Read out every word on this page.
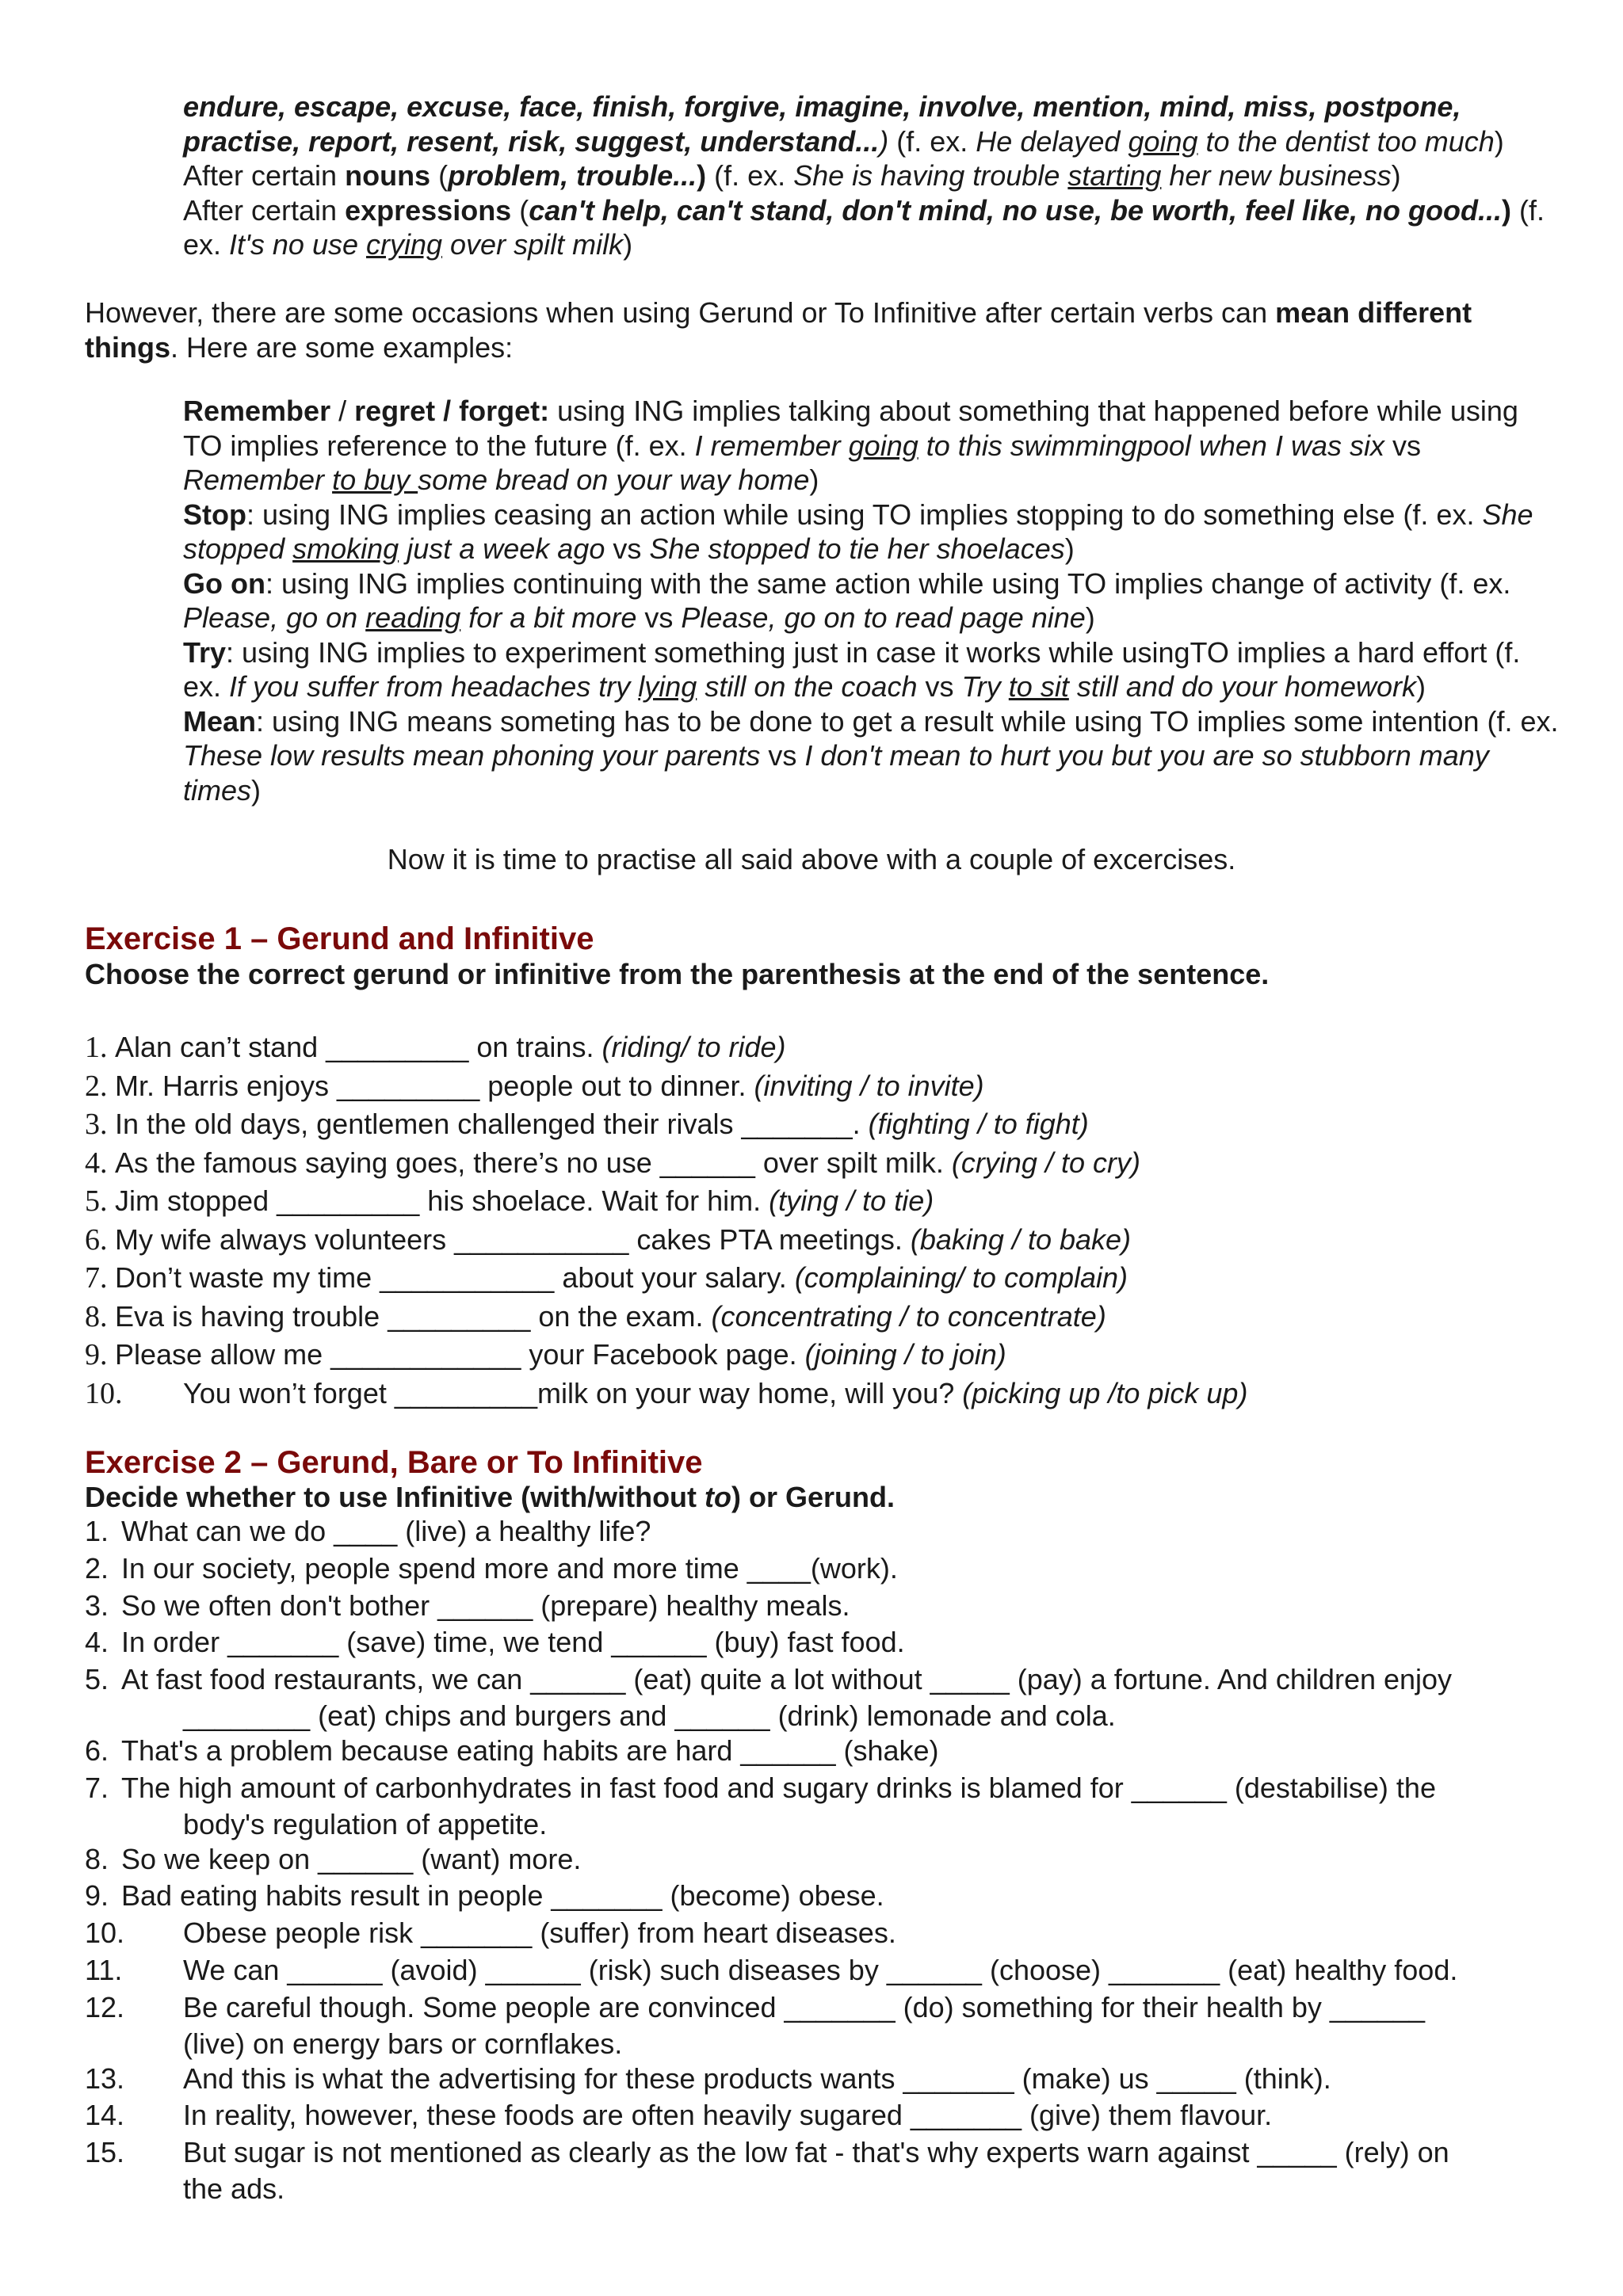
endure, escape, excuse, face, finish, forgive, imagine, involve, mention, mind, miss, postpone,
practise, report, resent, risk, suggest, understand...) (f. ex. He delayed going to the dentist too much)
After certain nouns (problem, trouble...) (f. ex. She is having trouble starting her new business)
After certain expressions (can't help, can't stand, don't mind, no use, be worth, feel like, no good...) (f. ex. It's no use crying over spilt milk)

However, there are some occasions when using Gerund or To Infinitive after certain verbs can mean different things. Here are some examples:

Remember / regret / forget: using ING implies talking about something that happened before while using TO implies reference to the future (f. ex. I remember going to this swimmingpool when I was six vs Remember to buy some bread on your way home)
Stop: using ING implies ceasing an action while using TO implies stopping to do something else (f. ex. She stopped smoking just a week ago vs She stopped to tie her shoelaces)
Go on: using ING implies continuing with the same action while using TO implies change of activity (f. ex. Please, go on reading for a bit more vs Please, go on to read page nine)
Try: using ING implies to experiment something just in case it works while usingTO implies a hard effort (f. ex. If you suffer from headaches try lying still on the coach vs Try to sit still and do your homework)
Mean: using ING means someting has to be done to get a result while using TO implies some intention (f. ex. These low results mean phoning your parents vs I don't mean to hurt you but you are so stubborn many times)

Now it is time to practise all said above with a couple of excercises.

Exercise 1 – Gerund and Infinitive

Choose the correct gerund or infinitive from the parenthesis at the end of the sentence.

1. Alan can’t stand _________ on trains. (riding/ to ride)
2. Mr. Harris enjoys _________ people out to dinner. (inviting / to invite)
3. In the old days, gentlemen challenged their rivals _______. (fighting / to fight)
4. As the famous saying goes, there’s no use ______ over spilt milk. (crying / to cry)
5. Jim stopped _________ his shoelace. Wait for him. (tying / to tie)
6. My wife always volunteers ___________ cakes PTA meetings. (baking / to bake)
7. Don’t waste my time ___________ about your salary. (complaining/ to complain)
8. Eva is having trouble _________ on the exam. (concentrating / to concentrate)
9. Please allow me ____________ your Facebook page. (joining / to join)
10. You won’t forget _________milk on your way home, will you? (picking up /to pick up)
Exercise 2 – Gerund, Bare or To Infinitive

Decide whether to use Infinitive (with/without to) or Gerund.

1. What can we do ____ (live) a healthy life?
2. In our society, people spend more and more time ____(work).
3. So we often don't bother ______ (prepare) healthy meals.
4. In order _______ (save) time, we tend ______ (buy) fast food.
5. At fast food restaurants, we can ______ (eat) quite a lot without _____ (pay) a fortune. And children enjoy
________ (eat) chips and burgers and ______ (drink) lemonade and cola.
6. That's a problem because eating habits are hard ______ (shake)
7. The high amount of carbonhydrates in fast food and sugary drinks is blamed for ______ (destabilise) the
body's regulation of appetite.
8. So we keep on ______ (want) more.
9. Bad eating habits result in people _______ (become) obese.
10. Obese people risk _______ (suffer) from heart diseases.
11. We can ______ (avoid) ______ (risk) such diseases by ______ (choose) _______ (eat) healthy food.
12. Be careful though. Some people are convinced _______ (do) something for their health by ______
(live) on energy bars or cornflakes.
13. And this is what the advertising for these products wants _______ (make) us _____ (think).
14. In reality, however, these foods are often heavily sugared _______ (give) them flavour.
15. But sugar is not mentioned as clearly as the low fat - that's why experts warn against _____ (rely) on
the ads.
